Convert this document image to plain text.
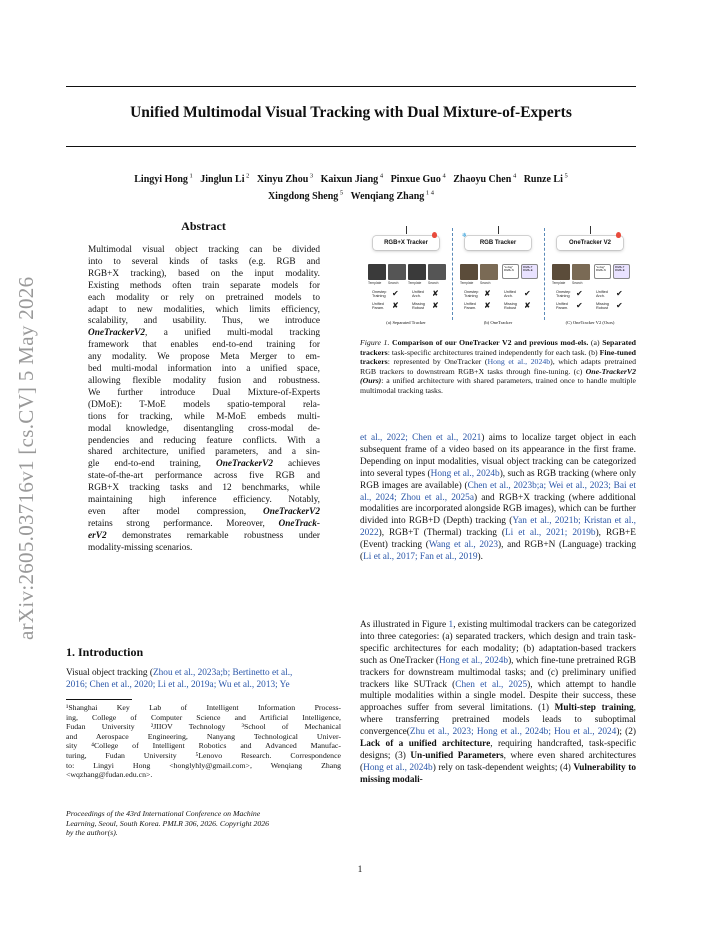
Unified Multimodal Visual Tracking with Dual Mixture-of-Experts
Lingyi Hong $^1$ Jinglun Li $^2$ Xinyu Zhou $^3$ Kaixun Jiang $^4$ Pinxue Guo $^4$ Zhaoyu Chen $^4$ Runze Li $^5$
Xingdong Sheng $^5$ Wenqiang Zhang $^{1 4}$
arXiv:2605.03716v1 [cs.CV] 5 May 2026
Abstract

Multimodal visual object tracking can be divided

into to several kinds of tasks (e.g. RGB and

RGB+X tracking), based on the input modality.

Existing methods often train separate models for

each modality or rely on pretrained models to

adapt to new modalities, which limits efficiency,

scalability, and usability. Thus, we introduce

OneTrackerV2, a unified multi-modal tracking

framework that enables end-to-end training for

any modality. We propose Meta Merger to em-

bed multi-modal information into a unified space,

allowing flexible modality fusion and robustness.

We further introduce Dual Mixture-of-Experts

(DMoE): T-MoE models spatio-temporal rela-

tions for tracking, while M-MoE embeds multi-

modal knowledge, disentangling cross-modal de-

pendencies and reducing feature conflicts. With a

shared architecture, unified parameters, and a sin-

gle end-to-end training, OneTrackerV2 achieves

state-of-the-art performance across five RGB and

RGB+X tracking tasks and 12 benchmarks, while

maintaining high inference efficiency. Notably,

even after model compression, OneTrackerV2

retains strong performance. Moreover, OneTrack-

erV2 demonstrates remarkable robustness under

modality-missing scenarios.

1. Introduction

Visual object tracking (Zhou et al., 2023a;b; Bertinetto et al.,

2016; Chen et al., 2020; Li et al., 2019a; Wu et al., 2013; Ye

¹Shanghai Key Lab of Intelligent Information Process-

ing, College of Computer Science and Artificial Intelligence,

Fudan University ²JIIOV Technology ³School of Mechanical

and Aerospace Engineering, Nanyang Technological Univer-

sity ⁴College of Intelligent Robotics and Advanced Manufac-

turing, Fudan University ⁵Lenovo Research. Correspondence

to: Lingyi Hong <honglyhly@gmail.com>, Wenqiang Zhang

<wqzhang@fudan.edu.cn>.

Proceedings of the 43rd International Conference on Machine

Learning, Seoul, South Korea. PMLR 306, 2026. Copyright 2026

by the author(s).

RGB+X Tracker
Template Search	Template Search
Onestep
Training ✔	Unified
Arch.	✘
Unified
Param. ✘	Missing
Robust ✘
(a) Separated Tracker
RGB Tracker
❄
Template Search
"a dog" RGB+N
RGB+T RGB+E
Onestep
Training ✘	Unified
Arch.	✔
Unified
Param. ✘	Missing
Robust ✘
(b) OneTracker
OneTracker V2
Template Search
"a dog" RGB+N
RGB+T RGB+E
Onestep
Training ✔	Unified
Arch.	✔
Unified
Param. ✔	Missing
Robust ✔
(C) OneTracker V2 (Ours)

Figure 1. Comparison of our OneTracker V2 and previous mod-els. (a) Separated trackers: task-specific architectures trained independently for each task. (b) Fine-tuned trackers: represented by OneTracker (Hong et al., 2024b), which adapts pretrained RGB trackers to downstream RGB+X tasks through fine-tuning. (c) One-TrackerV2 (Ours): a unified architecture with shared parameters, trained once to handle multiple multimodal tracking tasks.

et al., 2022; Chen et al., 2021) aims to localize target object in each subsequent frame of a video based on its appearance in the first frame. Depending on input modalities, visual object tracking can be categorized into several types (Hong et al., 2024b), such as RGB tracking (where only RGB images are available) (Chen et al., 2023b;a; Wei et al., 2023; Bai et al., 2024; Zhou et al., 2025a) and RGB+X tracking (where additional modalities are incorporated alongside RGB images), which can be further divided into RGB+D (Depth) tracking (Yan et al., 2021b; Kristan et al., 2022), RGB+T (Thermal) tracking (Li et al., 2021; 2019b), RGB+E (Event) tracking (Wang et al., 2023), and RGB+N (Language) tracking (Li et al., 2017; Fan et al., 2019).

As illustrated in Figure 1, existing multimodal trackers can be categorized into three categories: (a) separated trackers, which design and train task-specific architectures for each modality; (b) adaptation-based trackers such as OneTracker (Hong et al., 2024b), which fine-tune pretrained RGB trackers for downstream multimodal tasks; and (c) preliminary unified trackers like SUTrack (Chen et al., 2025), which attempt to handle multiple modalities within a single model. Despite their success, these approaches suffer from several limitations. (1) Multi-step training, where transferring pretrained models leads to suboptimal convergence(Zhu et al., 2023; Hong et al., 2024b; Hou et al., 2024); (2) Lack of a unified architecture, requiring handcrafted, task-specific designs; (3) Un-unified Parameters, where even shared architectures (Hong et al., 2024b) rely on task-dependent weights; (4) Vulnerability to missing modali-

1
